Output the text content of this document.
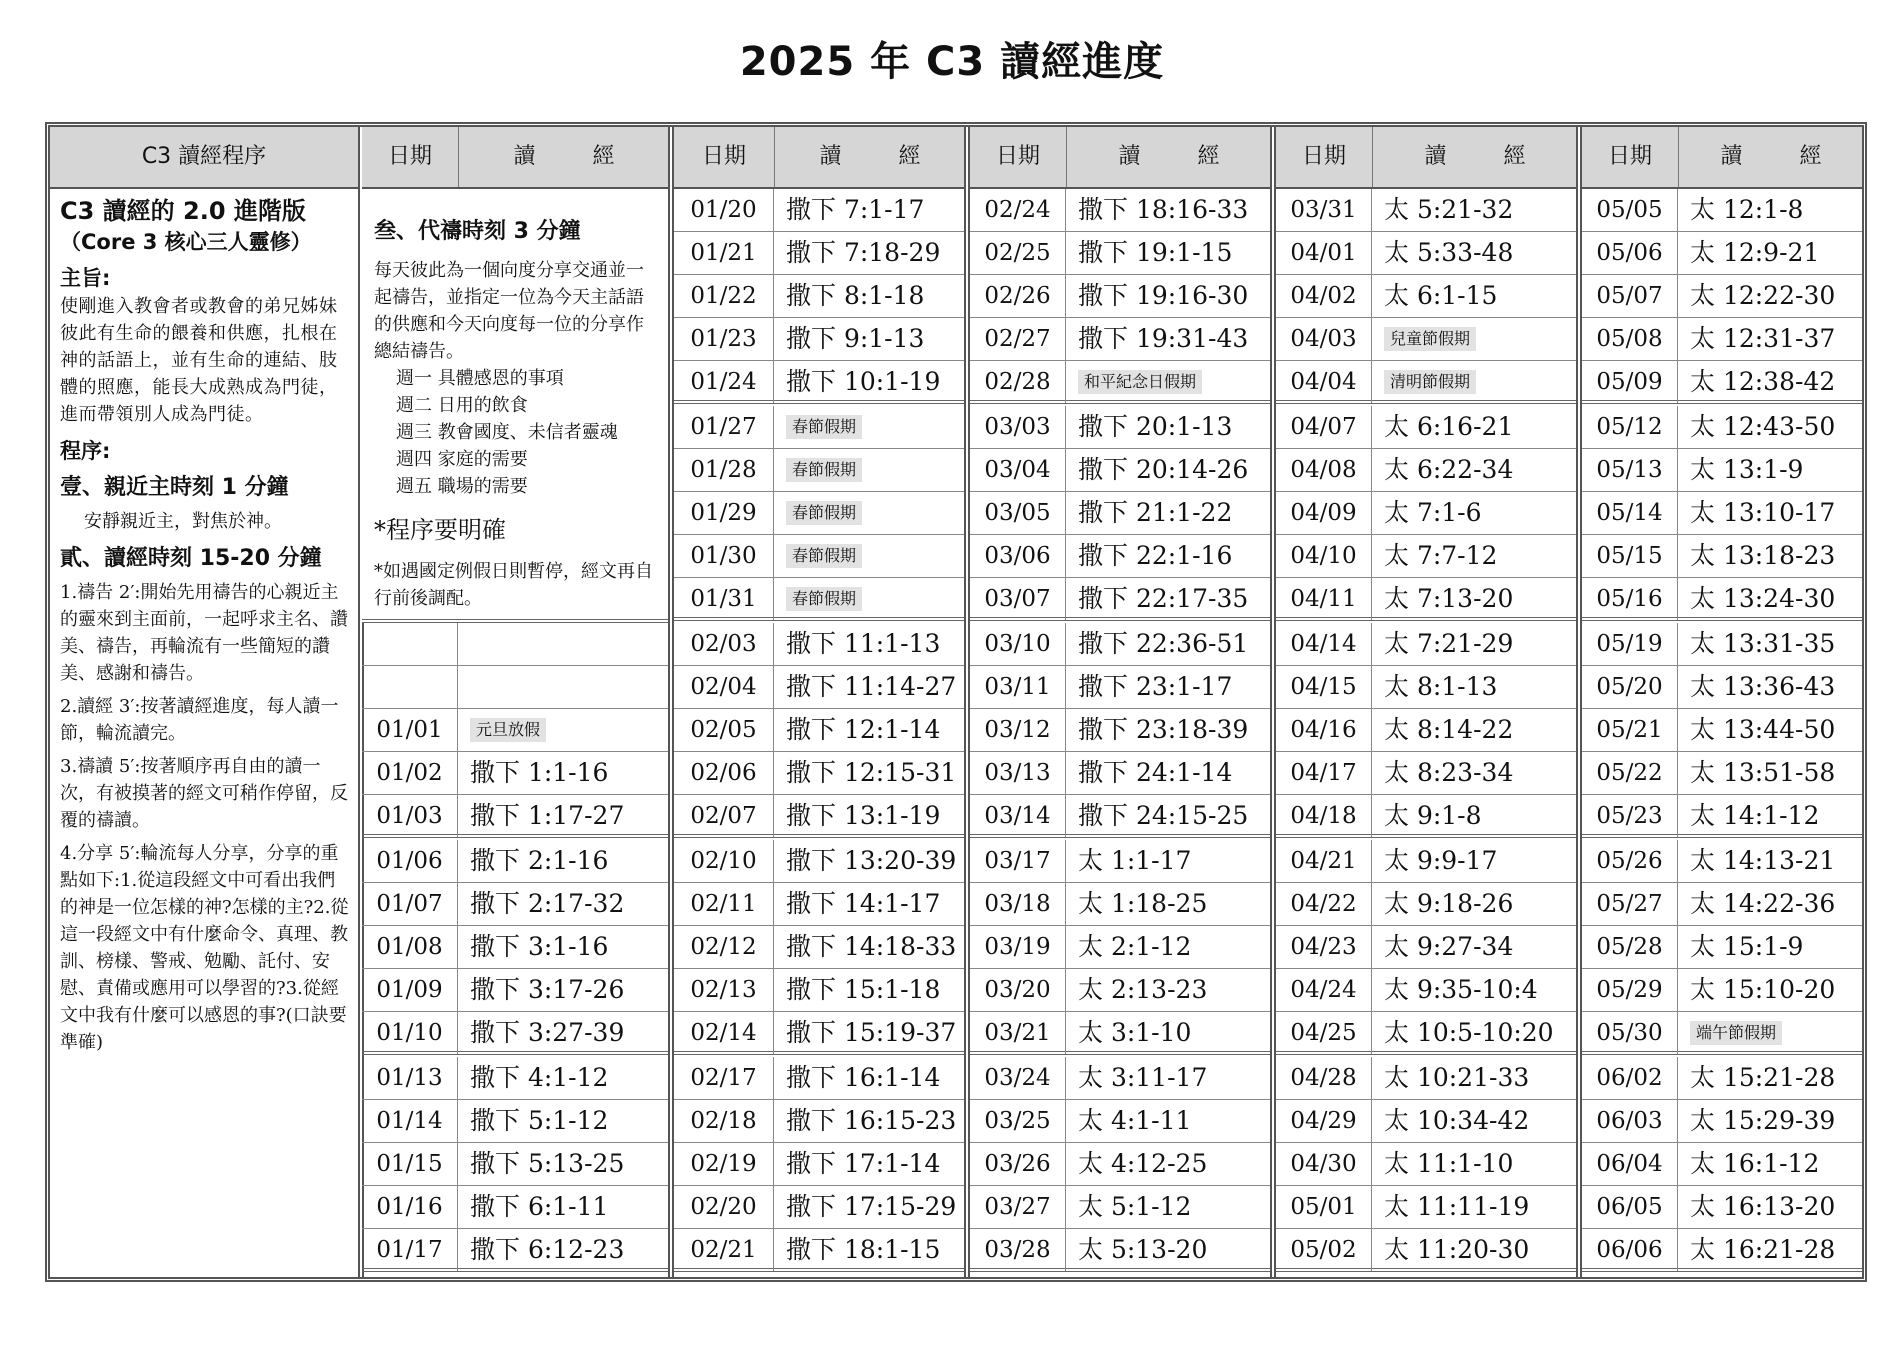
2025 年 C3 讀經進度
C3 讀經程序
C3 讀經的 2.0 進階版
（Core 3 核心三人靈修）
主旨:
使剛進入教會者或教會的弟兄姊妹彼此有生命的餵養和供應，扎根在神的話語上，並有生命的連結、肢體的照應，能長大成熟成為門徒，進而帶領別人成為門徒。
程序:
壹、親近主時刻 1 分鐘
安靜親近主，對焦於神。
貳、讀經時刻 15-20 分鐘
1.禱告 2′:開始先用禱告的心親近主的靈來到主面前，一起呼求主名、讚美、禱告，再輪流有一些簡短的讚美、感謝和禱告。
2.讀經 3′:按著讀經進度，每人讀一節，輪流讀完。
3.禱讀 5′:按著順序再自由的讀一次，有被摸著的經文可稍作停留，反覆的禱讀。
4.分享 5′:輪流每人分享，分享的重點如下:1.從這段經文中可看出我們的神是一位怎樣的神?怎樣的主?2.從這一段經文中有什麼命令、真理、教訓、榜樣、警戒、勉勵、託付、安慰、責備或應用可以學習的?3.從經文中我有什麼可以感恩的事?(口訣要準確)
日期	讀 經
01/01	元旦放假
01/02	撒下 1:1-16
01/03	撒下 1:17-27
01/06	撒下 2:1-16
01/07	撒下 2:17-32
01/08	撒下 3:1-16
01/09	撒下 3:17-26
01/10	撒下 3:27-39
01/13	撒下 4:1-12
01/14	撒下 5:1-12
01/15	撒下 5:13-25
01/16	撒下 6:1-11
01/17	撒下 6:12-23
叁、代禱時刻 3 分鐘
每天彼此為一個向度分享交通並一起禱告，並指定一位為今天主話語的供應和今天向度每一位的分享作總結禱告。
週一 具體感恩的事項
週二 日用的飲食
週三 教會國度、未信者靈魂
週四 家庭的需要
週五 職場的需要
*程序要明確
*如遇國定例假日則暫停，經文再自行前後調配。
日期	讀 經
01/20	撒下 7:1-17
01/21	撒下 7:18-29
01/22	撒下 8:1-18
01/23	撒下 9:1-13
01/24	撒下 10:1-19
01/27	春節假期
01/28	春節假期
01/29	春節假期
01/30	春節假期
01/31	春節假期
02/03	撒下 11:1-13
02/04	撒下 11:14-27
02/05	撒下 12:1-14
02/06	撒下 12:15-31
02/07	撒下 13:1-19
02/10	撒下 13:20-39
02/11	撒下 14:1-17
02/12	撒下 14:18-33
02/13	撒下 15:1-18
02/14	撒下 15:19-37
02/17	撒下 16:1-14
02/18	撒下 16:15-23
02/19	撒下 17:1-14
02/20	撒下 17:15-29
02/21	撒下 18:1-15
日期	讀 經
02/24	撒下 18:16-33
02/25	撒下 19:1-15
02/26	撒下 19:16-30
02/27	撒下 19:31-43
02/28	和平紀念日假期
03/03	撒下 20:1-13
03/04	撒下 20:14-26
03/05	撒下 21:1-22
03/06	撒下 22:1-16
03/07	撒下 22:17-35
03/10	撒下 22:36-51
03/11	撒下 23:1-17
03/12	撒下 23:18-39
03/13	撒下 24:1-14
03/14	撒下 24:15-25
03/17	太 1:1-17
03/18	太 1:18-25
03/19	太 2:1-12
03/20	太 2:13-23
03/21	太 3:1-10
03/24	太 3:11-17
03/25	太 4:1-11
03/26	太 4:12-25
03/27	太 5:1-12
03/28	太 5:13-20
日期	讀 經
03/31	太 5:21-32
04/01	太 5:33-48
04/02	太 6:1-15
04/03	兒童節假期
04/04	清明節假期
04/07	太 6:16-21
04/08	太 6:22-34
04/09	太 7:1-6
04/10	太 7:7-12
04/11	太 7:13-20
04/14	太 7:21-29
04/15	太 8:1-13
04/16	太 8:14-22
04/17	太 8:23-34
04/18	太 9:1-8
04/21	太 9:9-17
04/22	太 9:18-26
04/23	太 9:27-34
04/24	太 9:35-10:4
04/25	太 10:5-10:20
04/28	太 10:21-33
04/29	太 10:34-42
04/30	太 11:1-10
05/01	太 11:11-19
05/02	太 11:20-30
日期	讀 經
05/05	太 12:1-8
05/06	太 12:9-21
05/07	太 12:22-30
05/08	太 12:31-37
05/09	太 12:38-42
05/12	太 12:43-50
05/13	太 13:1-9
05/14	太 13:10-17
05/15	太 13:18-23
05/16	太 13:24-30
05/19	太 13:31-35
05/20	太 13:36-43
05/21	太 13:44-50
05/22	太 13:51-58
05/23	太 14:1-12
05/26	太 14:13-21
05/27	太 14:22-36
05/28	太 15:1-9
05/29	太 15:10-20
05/30	端午節假期
06/02	太 15:21-28
06/03	太 15:29-39
06/04	太 16:1-12
06/05	太 16:13-20
06/06	太 16:21-28
